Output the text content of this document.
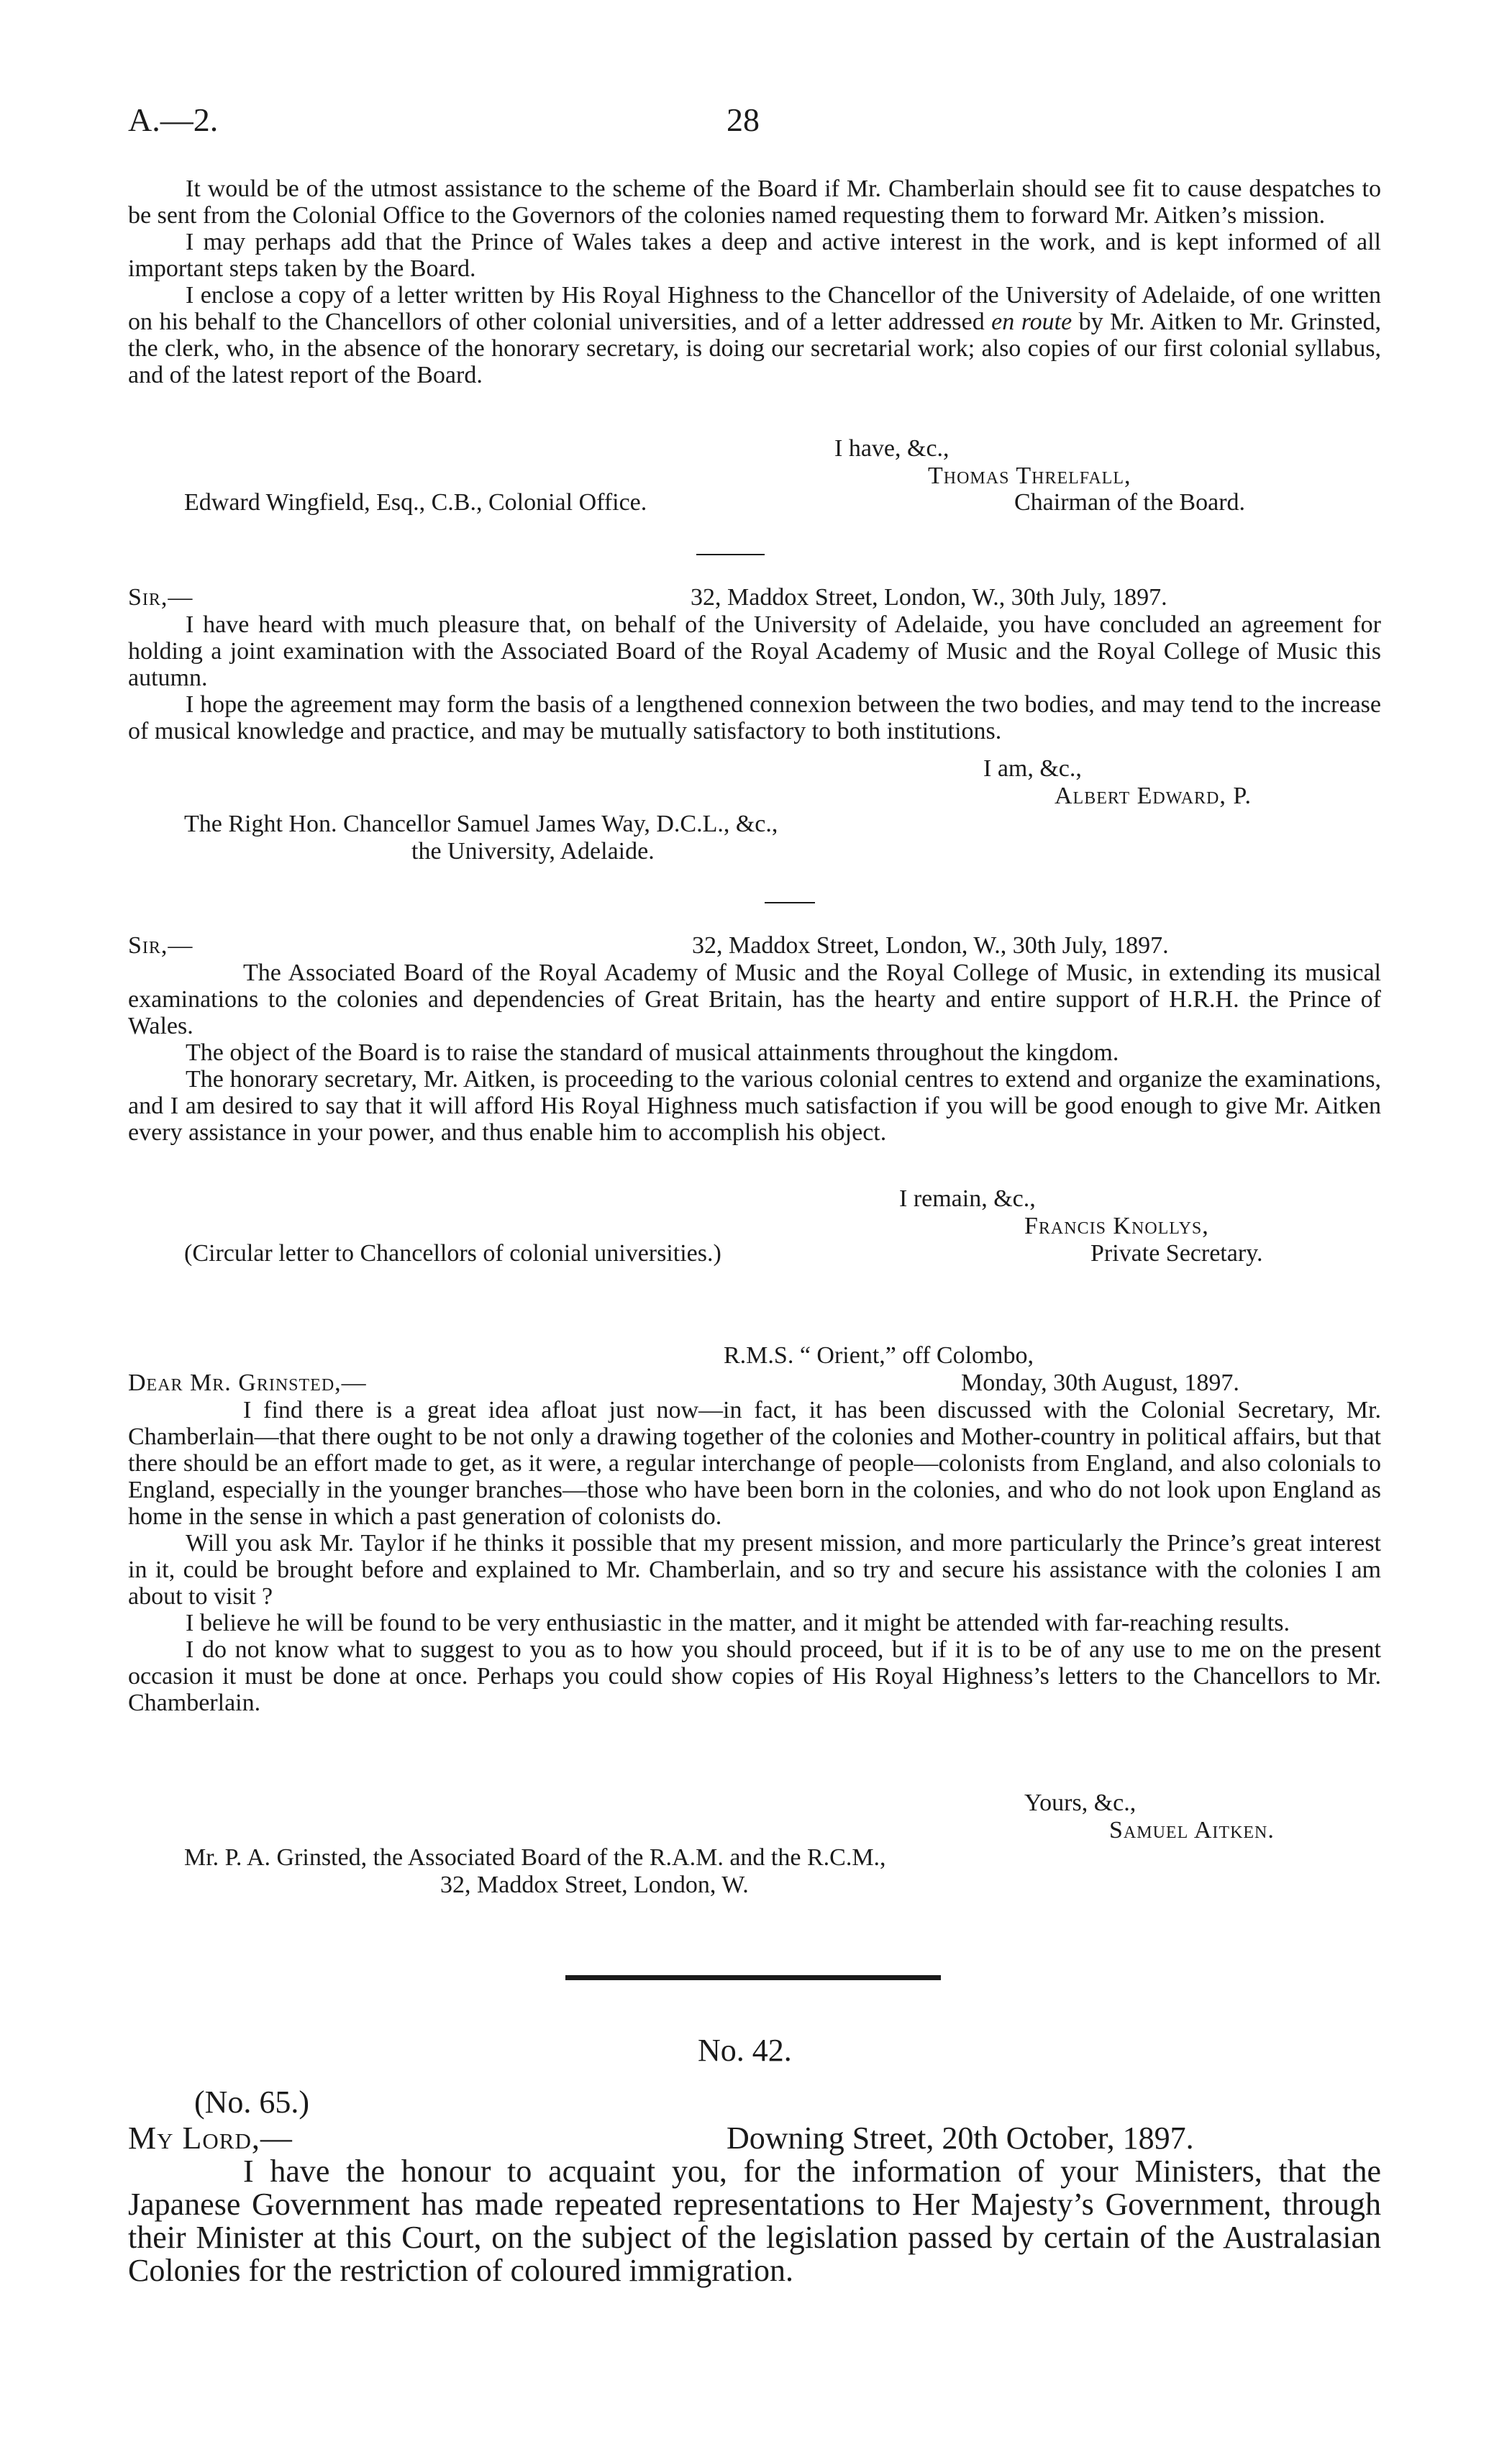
A.—2.	28

It would be of the utmost assistance to the scheme of the Board if Mr. Chamberlain should see fit to cause despatches to be sent from the Colonial Office to the Governors of the colonies named requesting them to forward Mr. Aitken’s mission.

I may perhaps add that the Prince of Wales takes a deep and active interest in the work, and is kept informed of all important steps taken by the Board.

I enclose a copy of a letter written by His Royal Highness to the Chancellor of the University of Adelaide, of one written on his behalf to the Chancellors of other colonial universities, and of a letter addressed en route by Mr. Aitken to Mr. Grinsted, the clerk, who, in the absence of the honorary secretary, is doing our secretarial work; also copies of our first colonial syllabus, and of the latest report of the Board.

I have, &c.,
Thomas Threlfall,
Edward Wingfield, Esq., C.B., Colonial Office.	Chairman of the Board.
Sir,—	32, Maddox Street, London, W., 30th July, 1897.

I have heard with much pleasure that, on behalf of the University of Adelaide, you have concluded an agreement for holding a joint examination with the Associated Board of the Royal Academy of Music and the Royal College of Music this autumn.

I hope the agreement may form the basis of a lengthened connexion between the two bodies, and may tend to the increase of musical knowledge and practice, and may be mutually satisfactory to both institutions.

I am, &c.,
Albert Edward, P.
The Right Hon. Chancellor Samuel James Way, D.C.L., &c.,
the University, Adelaide.
Sir,—	32, Maddox Street, London, W., 30th July, 1897.

The Associated Board of the Royal Academy of Music and the Royal College of Music, in extending its musical examinations to the colonies and dependencies of Great Britain, has the hearty and entire support of H.R.H. the Prince of Wales.

The object of the Board is to raise the standard of musical attainments throughout the kingdom.

The honorary secretary, Mr. Aitken, is proceeding to the various colonial centres to extend and organize the examinations, and I am desired to say that it will afford His Royal Highness much satisfaction if you will be good enough to give Mr. Aitken every assistance in your power, and thus enable him to accomplish his object.

I remain, &c.,
Francis Knollys,
(Circular letter to Chancellors of colonial universities.)	Private Secretary.
R.M.S. “ Orient,” off Colombo,
Dear Mr. Grinsted,—	Monday, 30th August, 1897.

I find there is a great idea afloat just now—in fact, it has been discussed with the Colonial Secretary, Mr. Chamberlain—that there ought to be not only a drawing together of the colonies and Mother-country in political affairs, but that there should be an effort made to get, as it were, a regular interchange of people—colonists from England, and also colonials to England, especially in the younger branches—those who have been born in the colonies, and who do not look upon England as home in the sense in which a past generation of colonists do.

Will you ask Mr. Taylor if he thinks it possible that my present mission, and more particularly the Prince’s great interest in it, could be brought before and explained to Mr. Chamberlain, and so try and secure his assistance with the colonies I am about to visit ?

I believe he will be found to be very enthusiastic in the matter, and it might be attended with far-reaching results.

I do not know what to suggest to you as to how you should proceed, but if it is to be of any use to me on the present occasion it must be done at once. Perhaps you could show copies of His Royal Highness’s letters to the Chancellors to Mr. Chamberlain.

Yours, &c.,
Samuel Aitken.
Mr. P. A. Grinsted, the Associated Board of the R.A.M. and the R.C.M.,
32, Maddox Street, London, W.
No. 42.
(No. 65.)
My Lord,—	Downing Street, 20th October, 1897.

I have the honour to acquaint you, for the information of your Ministers, that the Japanese Government has made repeated representations to Her Majesty’s Government, through their Minister at this Court, on the subject of the legislation passed by certain of the Australasian Colonies for the restriction of coloured immigration.
